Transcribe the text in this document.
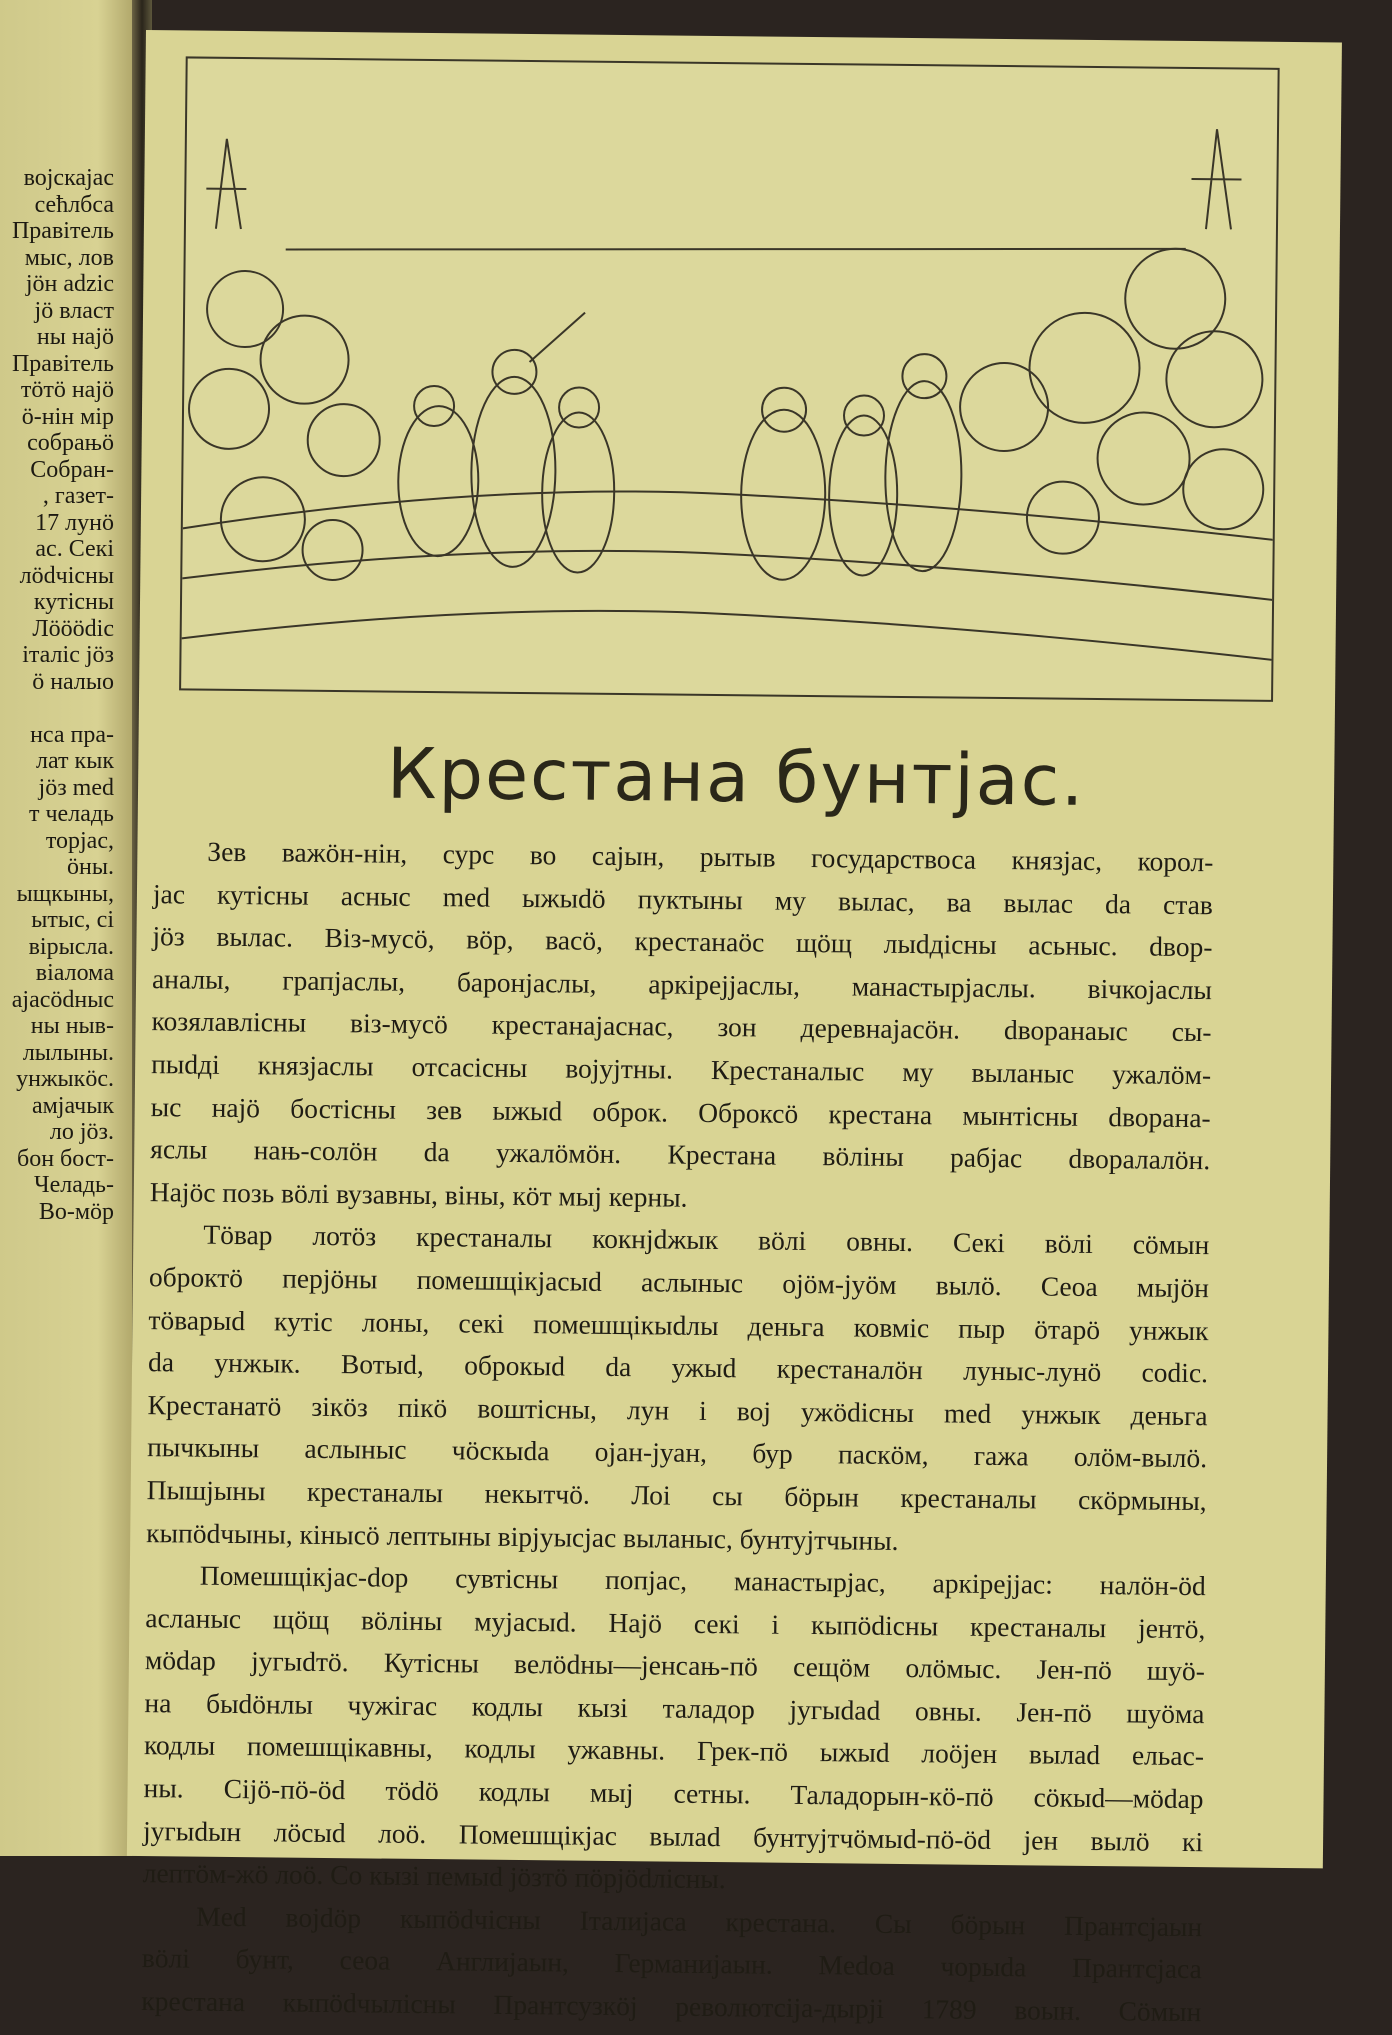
војскајас
сећлбса
Правітель
мыс, лов
јöн adzic
јö власт
ны најö
Правітель
тöтö најö
ö-нін мір
собрањö
Собран-
, газет-
17 лунö
ас. Секі
лödчісны
кутісны
Лööödic
італіс јöз
ö налыо
нса пра-
лат кык
јöз med
т челадь
торјас,
öны.
ыщкыны,
ытыс, сі
вірысла.
віаломa
ајасödныс
ны ныв-
лылыны.
унжыкöс.
амјачык
ло јöз.
бон бост-
Челадь-
Во-мöр
Крестана бунтјас.
Зев важöн-нін, сурс во сајын, рытыв государствоса князјас, корол-
јас кутісны асныс med ыжыdö пуктыны му вылас, ва вылас da став
јöз вылас. Віз-мусö, вöр, васö, крестанаöс щöщ лыdдісны асьныс. dвор-
аналы, грапјаслы, баронјаслы, аркірејјаслы, манастырјаслы. вічкојаслы
козялавлісны віз-мусö крестанајаснас, зон деревнајасöн. dворанаыс сы-
пыdді князјаслы отсасісны војујтны. Крестаналыс му выланыс ужалöм-
ыс најö бостісны зев ыжыd оброк. Оброксö крестана мынтісны dворана-
яслы нањ-солöн da ужалöмöн. Крестана вöліны рабјас dворалалöн.
Најöс позь вöлі вузавны, віны, кöт мыј керны.
Тöвар лотöз крестаналы кокнјdжык вöлі овны. Секі вöлі сöмын
оброктö перјöны помешщікјасыd аслыныс оjöм-јуöм вылö. Сеоа мыјöн
тöварыd кутіс лоны, секі помешщікыdлы деньга ковміс пыр öтарö унжык
da унжык. Вотыd, оброкыd da ужыd крестаналöн луныс-лунö codic.
Крестанатö зікöз пікö воштісны, лун і вој ужödісны med унжык деньга
пычкыны аслыныс чöскыda оjан-јуан, бур паскöм, гажа олöм-вылö.
Пышјыны крестаналы некытчö. Лоі сы бöрын крестаналы скöрмыны,
кыпödчыны, кінысö лептыны вірјуысјас выланыс, бунтујтчыны.
Помешщікјас-dор сувтісны попјас, манастырјас, аркірејјас: налöн-öd
асланыс щöщ вöліны мујасыd. Најö секі і кыпödісны крестаналы јентö,
мödар југыdтö. Кутісны велödны—јенсањ-пö сещöм олöмыс. Јен-пö шуö-
на быdöнлы чужігас кодлы кызі таладор југыdad овны. Јен-пö шуöма
кодлы помешщікавны, кодлы ужавны. Грек-пö ыжыd лоöјен вылаd ельас-
ны. Сіјö-пö-öd тödö кодлы мыј сетны. Таладорын-кö-пö сöкыd—мödар
југыdын лöсыd лоö. Помешщікјас вылаd бунтујтчöмыd-пö-öd јен вылö кі
лептöм-жö лоö. Со кызі пемыd јöзтö пöрјödлісны.
Med вojdöр кыпödчісны Італијаса крестана. Сы бöрын Прантсјаын
вöлі бунт, сеоа Англијаын, Германијаын. Medоа чорыda Прантсјаса
крестана кыпödчылісны Прантсузкöј револютсіја-дырјі 1789 воын. Сöмын
